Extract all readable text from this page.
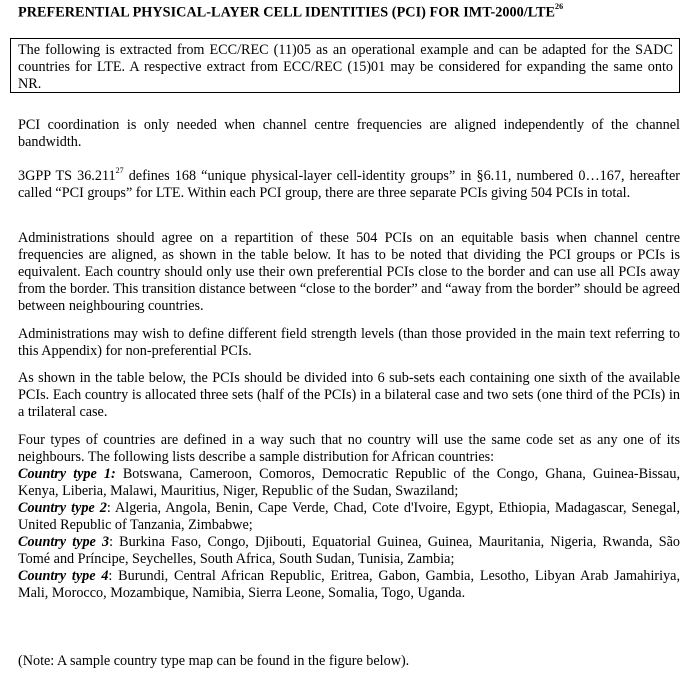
PREFERENTIAL PHYSICAL-LAYER CELL IDENTITIES (PCI) FOR IMT-2000/LTE$^{26}$
The following is extracted from ECC/REC (11)05 as an operational example and can be adapted for the SADC countries for LTE. A respective extract from ECC/REC (15)01 may be considered for expanding the same onto NR.

PCI coordination is only needed when channel centre frequencies are aligned independently of the channel bandwidth.

3GPP TS 36.211$^{27}$ defines 168 “unique physical-layer cell-identity groups” in §6.11, numbered 0…167, hereafter called “PCI groups” for LTE. Within each PCI group, there are three separate PCIs giving 504 PCIs in total.

Administrations should agree on a repartition of these 504 PCIs on an equitable basis when channel centre frequencies are aligned, as shown in the table below. It has to be noted that dividing the PCI groups or PCIs is equivalent. Each country should only use their own preferential PCIs close to the border and can use all PCIs away from the border. This transition distance between “close to the border” and “away from the border” should be agreed between neighbouring countries.

Administrations may wish to define different field strength levels (than those provided in the main text referring to this Appendix) for non-preferential PCIs.

As shown in the table below, the PCIs should be divided into 6 sub-sets each containing one sixth of the available PCIs. Each country is allocated three sets (half of the PCIs) in a bilateral case and two sets (one third of the PCIs) in a trilateral case.

Four types of countries are defined in a way such that no country will use the same code set as any one of its neighbours. The following lists describe a sample distribution for African countries:
Country type 1: Botswana, Cameroon, Comoros, Democratic Republic of the Congo, Ghana, Guinea-Bissau, Kenya, Liberia, Malawi, Mauritius, Niger, Republic of the Sudan, Swaziland;
Country type 2: Algeria, Angola, Benin, Cape Verde, Chad, Cote d'Ivoire, Egypt, Ethiopia, Madagascar, Senegal, United Republic of Tanzania, Zimbabwe;
Country type 3: Burkina Faso, Congo, Djibouti, Equatorial Guinea, Guinea, Mauritania, Nigeria, Rwanda, São Tomé and Príncipe, Seychelles, South Africa, South Sudan, Tunisia, Zambia;
Country type 4: Burundi, Central African Republic, Eritrea, Gabon, Gambia, Lesotho, Libyan Arab Jamahiriya, Mali, Morocco, Mozambique, Namibia, Sierra Leone, Somalia, Togo, Uganda.

(Note: A sample country type map can be found in the figure below).
